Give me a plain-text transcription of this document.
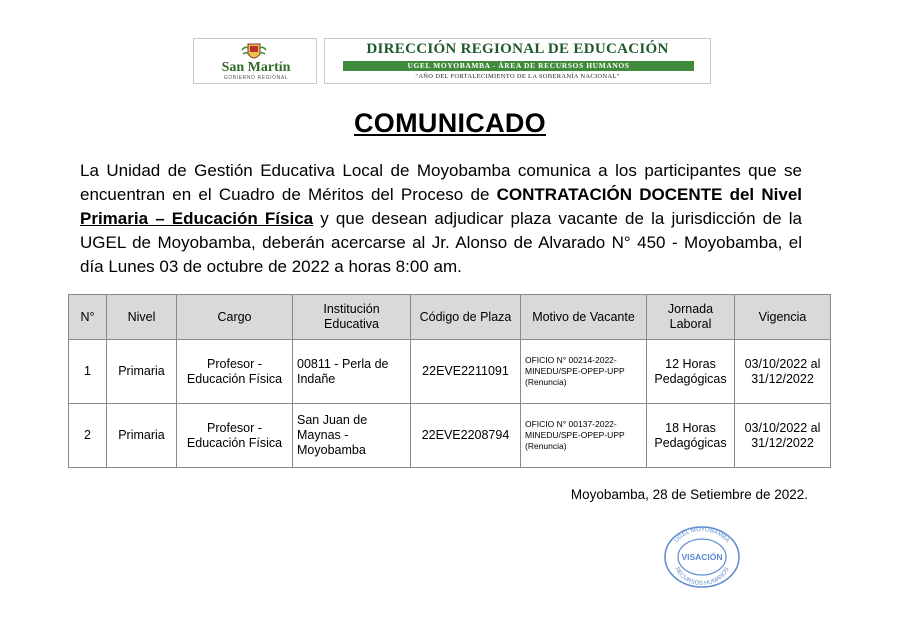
San Martín
GOBIERNO REGIONAL
DIRECCIÓN REGIONAL DE EDUCACIÓN
UGEL MOYOBAMBA - ÁREA DE RECURSOS HUMANOS
"AÑO DEL FORTALECIMIENTO DE LA SOBERANÍA NACIONAL"
COMUNICADO
La Unidad de Gestión Educativa Local de Moyobamba comunica a los participantes que se encuentran en el Cuadro de Méritos del Proceso de CONTRATACIÓN DOCENTE del Nivel Primaria – Educación Física y que desean adjudicar plaza vacante de la jurisdicción de la UGEL de Moyobamba, deberán acercarse al Jr. Alonso de Alvarado N° 450 - Moyobamba, el día Lunes 03 de octubre de 2022 a horas 8:00 am.
N°	Nivel	Cargo	Institución Educativa	Código de Plaza	Motivo de Vacante	Jornada Laboral	Vigencia
1	Primaria	Profesor - Educación Física	00811 - Perla de Indañe	22EVE2211091	OFICIO N° 00214-2022-MINEDU/SPE-OPEP-UPP (Renuncia)	12 Horas Pedagógicas	03/10/2022 al 31/12/2022
2	Primaria	Profesor - Educación Física	San Juan de Maynas - Moyobamba	22EVE2208794	OFICIO N° 00137-2022-MINEDU/SPE-OPEP-UPP (Renuncia)	18 Horas Pedagógicas	03/10/2022 al 31/12/2022
Moyobamba, 28 de Setiembre de 2022.
UGEL MOYOBAMBA
RECURSOS HUMANOS
VISACIÓN
